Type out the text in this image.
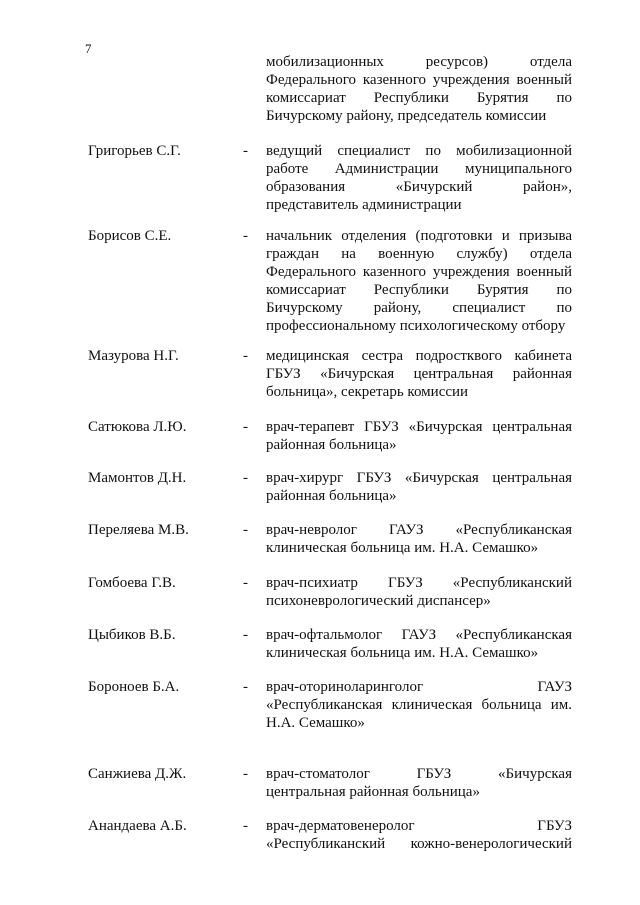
7
мобилизационных ресурсов) отдела
Федерального казенного учреждения военный
комиссариат Республики Бурятия по
Бичурскому району, председатель комиссии
Григорьев С.Г.	- ведущий специалист по мобилизационной
работе Администрации муниципального
образования «Бичурский район»,
представитель администрации
Борисов С.Е.	- начальник отделения (подготовки и призыва
граждан на военную службу) отдела
Федерального казенного учреждения военный
комиссариат Республики Бурятия по
Бичурскому району, специалист по
профессиональному психологическому отбору
Мазурова Н.Г.	- медицинская сестра подростквого кабинета
ГБУЗ «Бичурская центральная районная
больница», секретарь комиссии
Сатюкова Л.Ю.	- врач-терапевт ГБУЗ «Бичурская центральная
районная больница»
Мамонтов Д.Н.	- врач-хирург ГБУЗ «Бичурская центральная
районная больница»
Переляева М.В.	- врач-невролог ГАУЗ «Республиканская
клиническая больница им. Н.А. Семашко»
Гомбоева Г.В.	- врач-психиатр ГБУЗ «Республиканский
психоневрологический диспансер»
Цыбиков В.Б.	- врач-офтальмолог ГАУЗ «Республиканская
клиническая больница им. Н.А. Семашко»
Бороноев Б.А.	- врач-оториноларинголог ГАУЗ
«Республиканская клиническая больница им.
Н.А. Семашко»
Санжиева Д.Ж.	- врач-стоматолог ГБУЗ «Бичурская
центральная районная больница»
Анандаева А.Б.	- врач-дерматовенеролог ГБУЗ
«Республиканский кожно-венерологический
